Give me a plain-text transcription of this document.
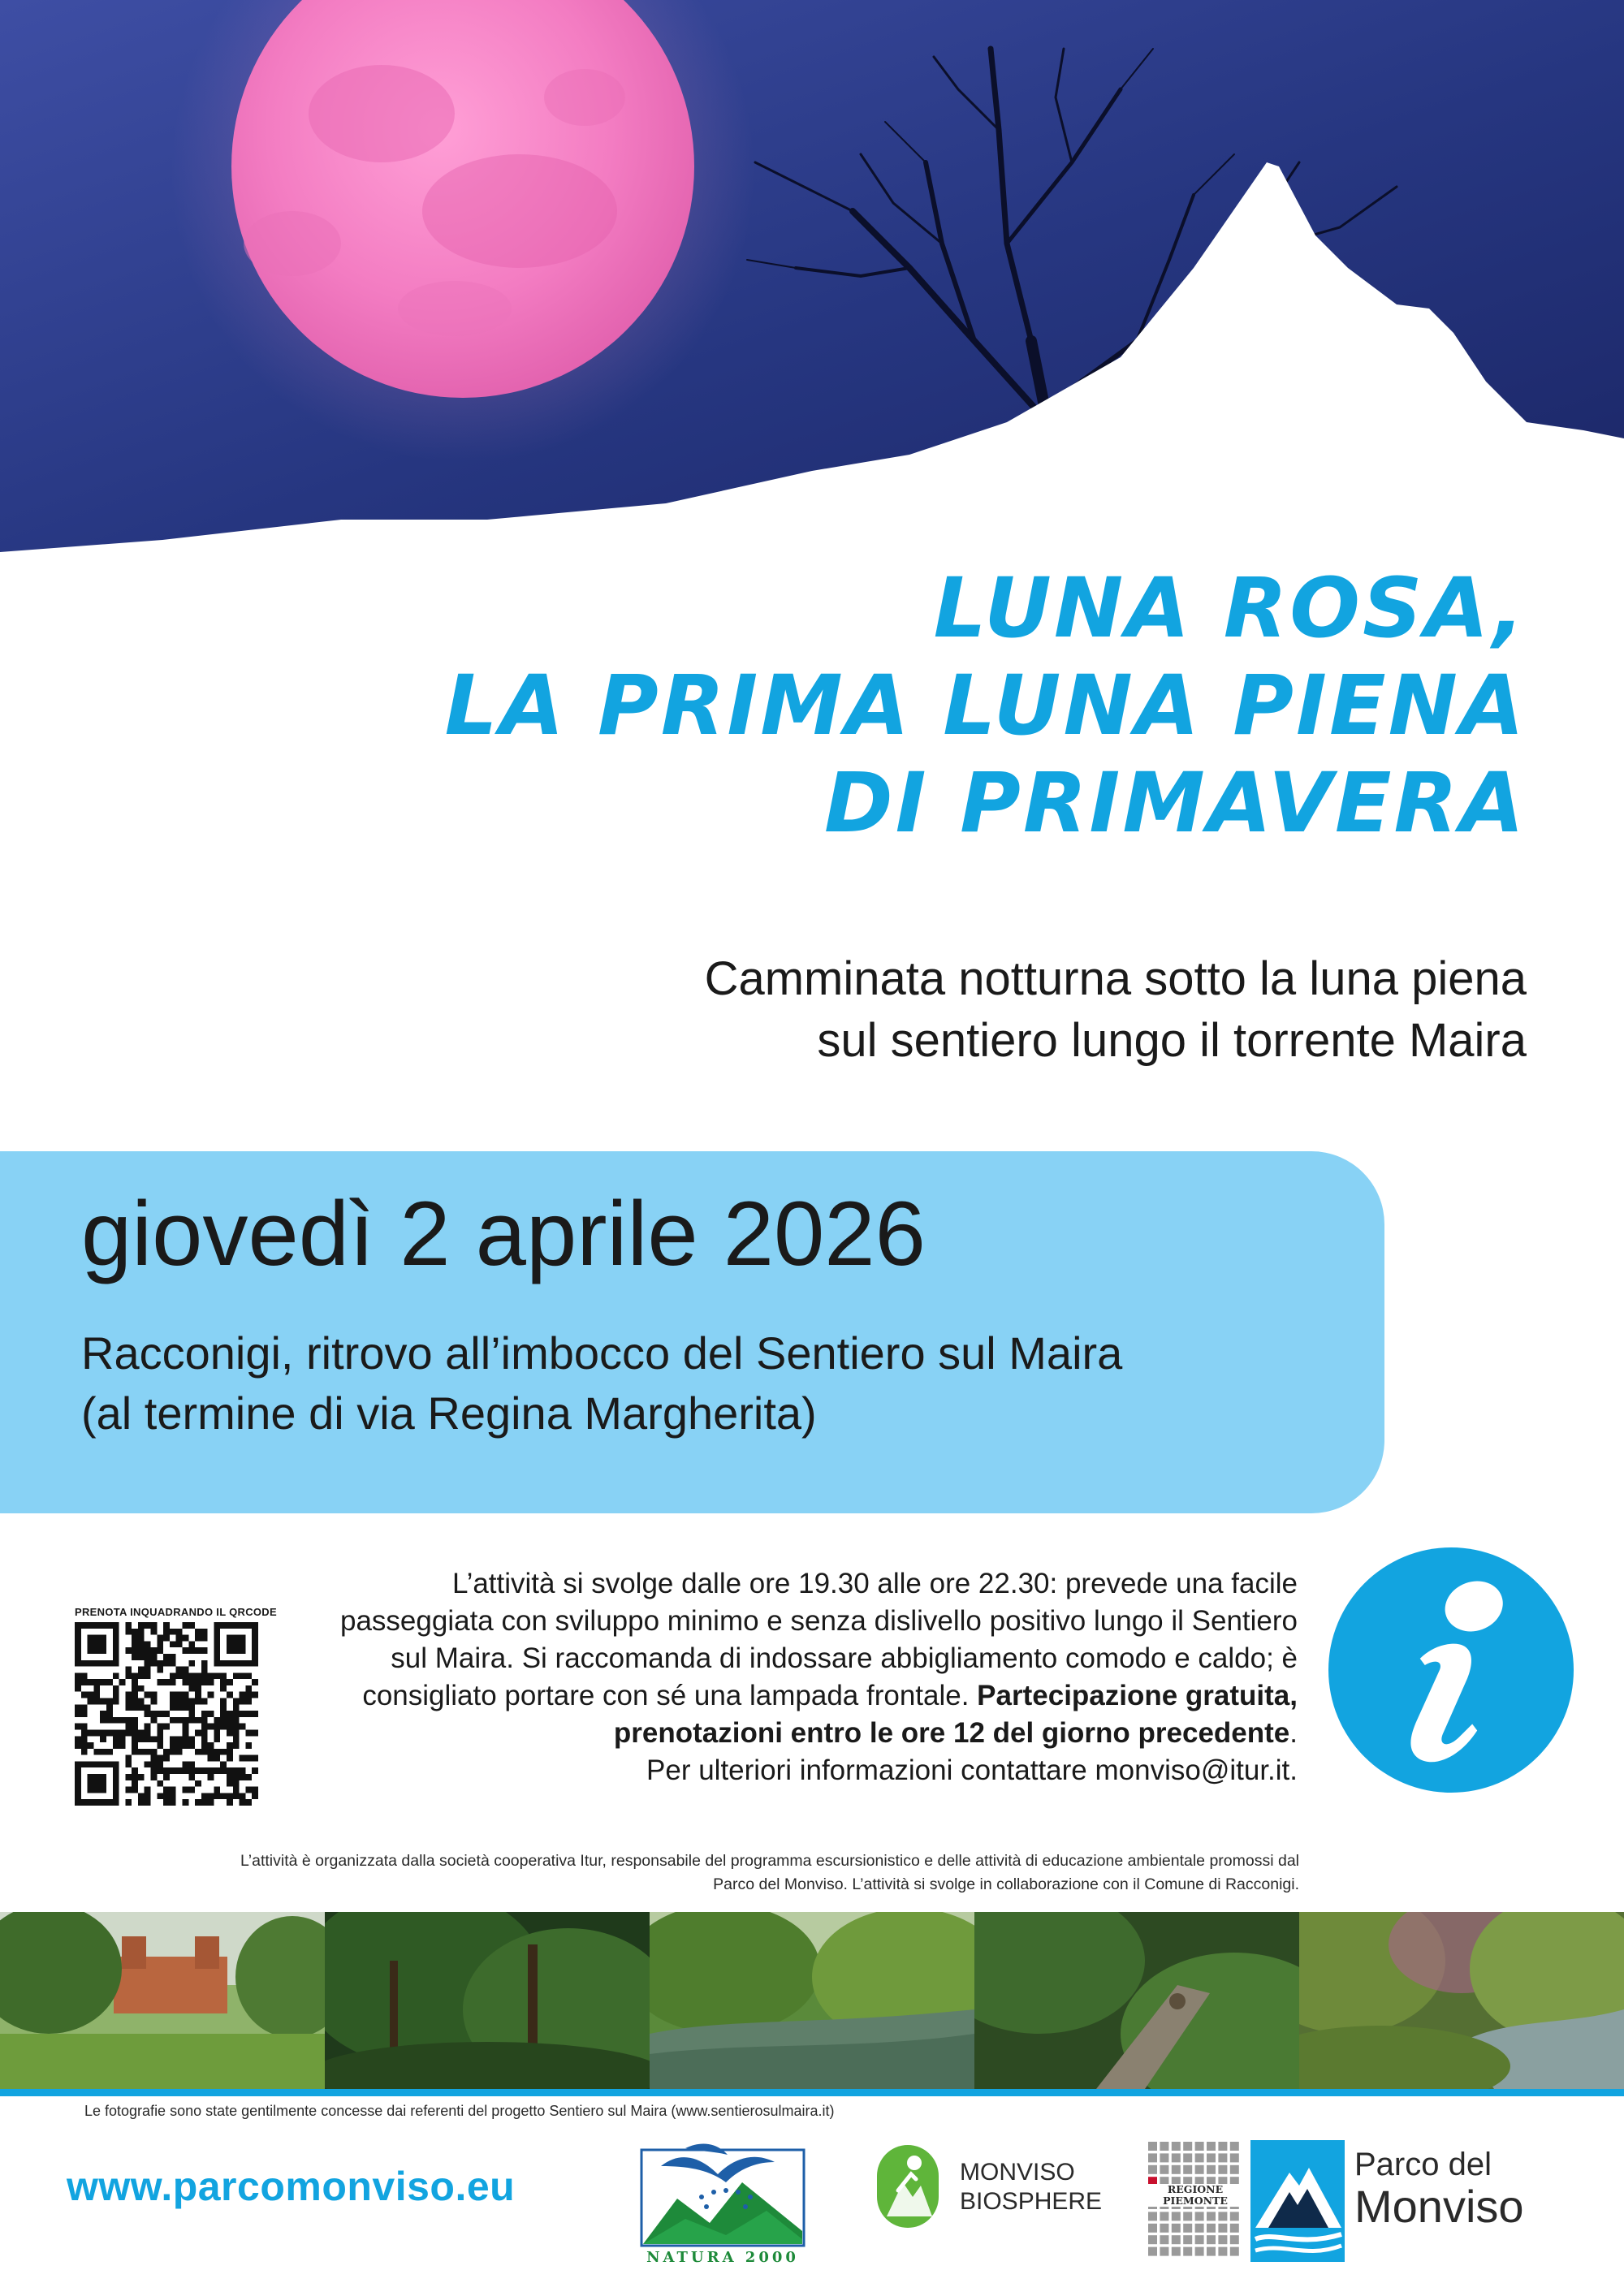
LUNA ROSA,
LA PRIMA LUNA PIENA
DI PRIMAVERA
Camminata notturna sotto la luna piena
sul sentiero lungo il torrente Maira
giovedì 2 aprile 2026
Racconigi, ritrovo all’imbocco del Sentiero sul Maira
(al termine di via Regina Margherita)
PRENOTA INQUADRANDO IL QRCODE
L’attività si svolge dalle ore 19.30 alle ore 22.30: prevede una facile
passeggiata con sviluppo minimo e senza dislivello positivo lungo il Sentiero
sul Maira. Si raccomanda di indossare abbigliamento comodo e caldo; è
consigliato portare con sé una lampada frontale. Partecipazione gratuita,
prenotazioni entro le ore 12 del giorno precedente.
Per ulteriori informazioni contattare monviso@itur.it.
L’attività è organizzata dalla società cooperativa Itur, responsabile del programma escursionistico e delle attività di educazione ambientale promossi dal
Parco del Monviso. L’attività si svolge in collaborazione con il Comune di Racconigi.
Le fotografie sono state gentilmente concesse dai referenti del progetto Sentiero sul Maira (www.sentierosulmaira.it)
www.parcomonviso.eu
NATURA 2000
MONVISO
BIOSPHERE	REGIONE
PIEMONTE
Parco del
Monviso
